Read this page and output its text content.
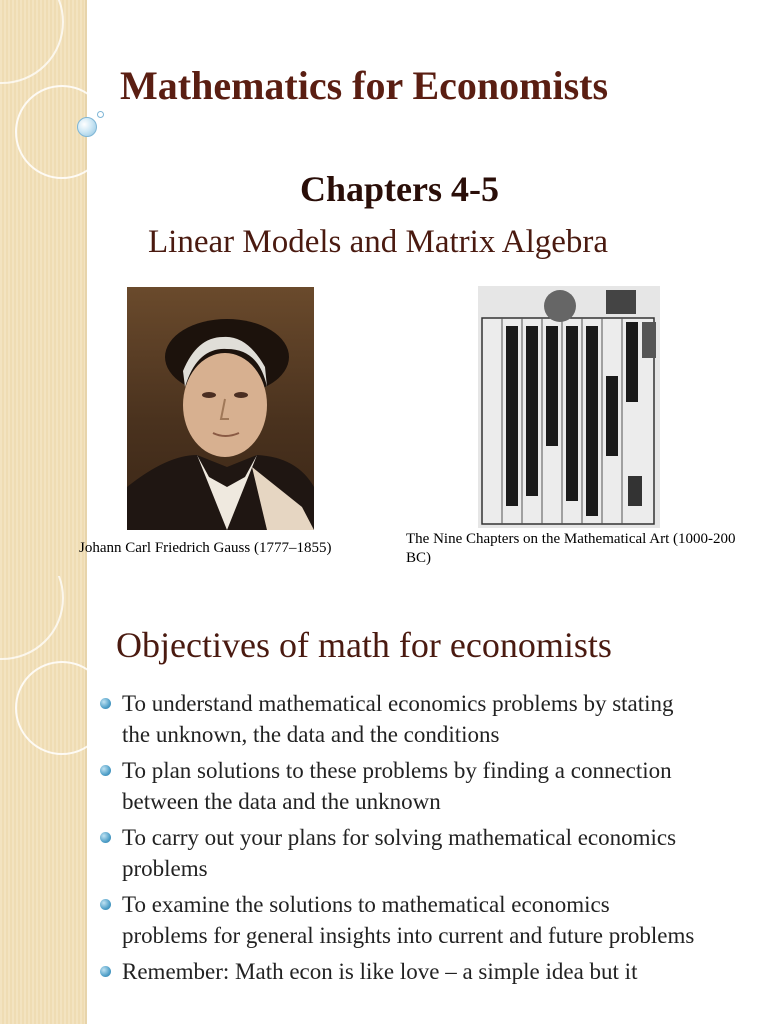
Mathematics for Economists
Chapters 4-5
Linear Models and Matrix Algebra
Johann Carl Friedrich Gauss (1777–1855)
The Nine Chapters on the Mathematical Art (1000-200 BC)
Objectives of math for economists
To understand mathematical economics problems by stating the unknown, the data and the conditions
To plan solutions to these problems by finding a connection between the data and the unknown
To carry out your plans for solving mathematical economics problems
To examine the solutions to mathematical economics problems for general insights into current and future problems
Remember: Math econ is like love – a simple idea but it
